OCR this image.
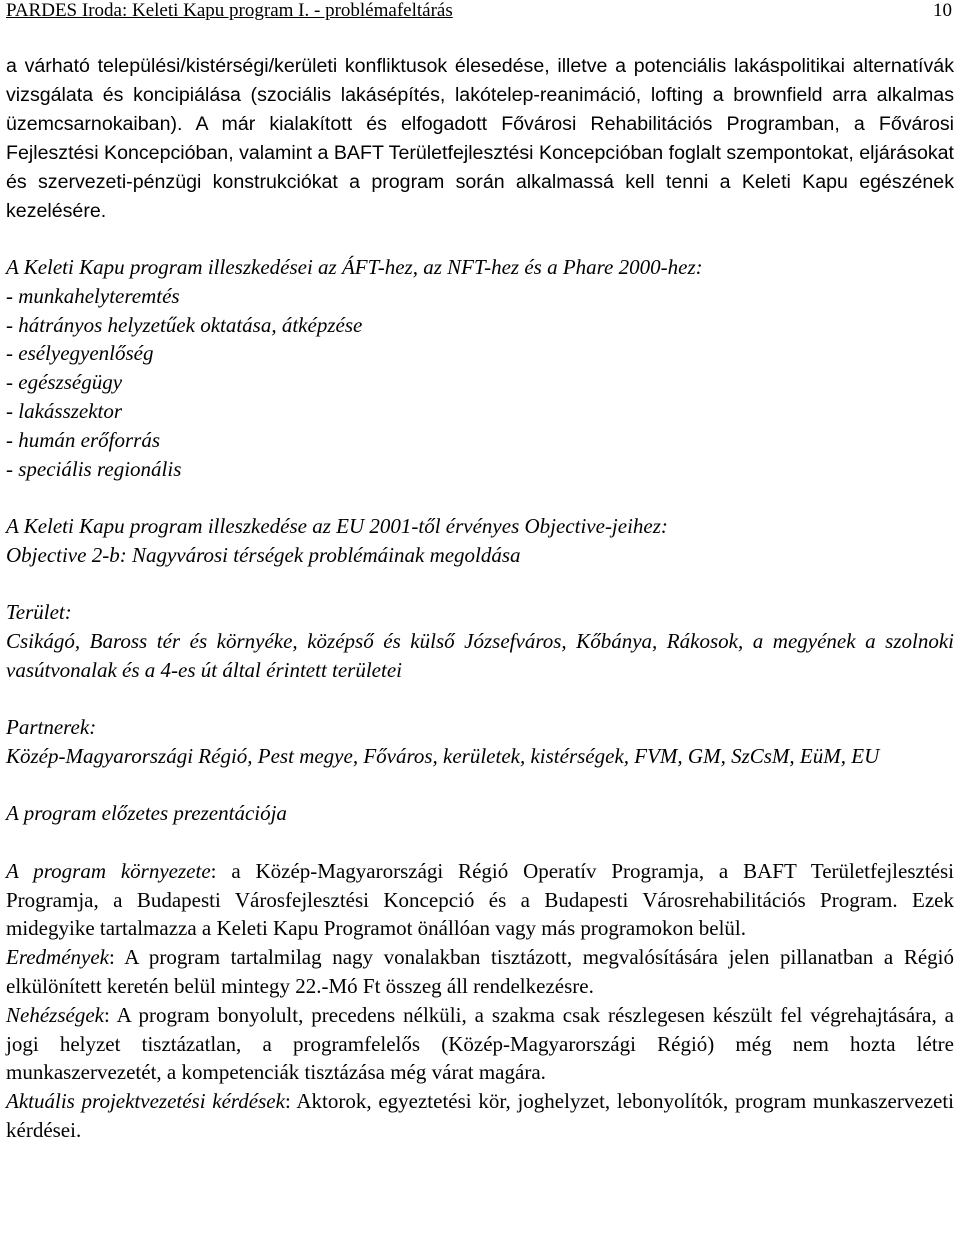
PARDES Iroda: Keleti Kapu program I. - problémafeltárás	10

a várható települési/kistérségi/kerületi konfliktusok élesedése, illetve a potenciális lakáspolitikai alternatívák vizsgálata és koncipiálása (szociális lakásépítés, lakótelep-reanimáció, lofting a brownfield arra alkalmas üzemcsarnokaiban). A már kialakított és elfogadott Fővárosi Rehabilitációs Programban, a Fővárosi Fejlesztési Koncepcióban, valamint a BAFT Területfejlesztési Koncepcióban foglalt szempontokat, eljárásokat és szervezeti-pénzügi konstrukciókat a program során alkalmassá kell tenni a Keleti Kapu egészének kezelésére.

A Keleti Kapu program illeszkedései az ÁFT-hez, az NFT-hez és a Phare 2000-hez:
- munkahelyteremtés
- hátrányos helyzetűek oktatása, átképzése
- esélyegyenlőség
- egészségügy
- lakásszektor
- humán erőforrás
- speciális regionális
A Keleti Kapu program illeszkedése az EU 2001-től érvényes Objective-jeihez:
Objective 2-b: Nagyvárosi térségek problémáinak megoldása
Terület:
Csikágó, Baross tér és környéke, középső és külső Józsefváros, Kőbánya, Rákosok, a megyének a szolnoki vasútvonalak és a 4-es út által érintett területei
Partnerek:
Közép-Magyarországi Régió, Pest megye, Főváros, kerületek, kistérségek, FVM, GM, SzCsM, EüM, EU
A program előzetes prezentációja

A program környezete: a Közép-Magyarországi Régió Operatív Programja, a BAFT Területfejlesztési Programja, a Budapesti Városfejlesztési Koncepció és a Budapesti Városrehabilitációs Program. Ezek midegyike tartalmazza a Keleti Kapu Programot önállóan vagy más programokon belül.

Eredmények: A program tartalmilag nagy vonalakban tisztázott, megvalósítására jelen pillanatban a Régió elkülönített keretén belül mintegy 22.-Mó Ft összeg áll rendelkezésre.

Nehézségek: A program bonyolult, precedens nélküli, a szakma csak részlegesen készült fel végrehajtására, a jogi helyzet tisztázatlan, a programfelelős (Közép-Magyarországi Régió) még nem hozta létre munkaszervezetét, a kompetenciák tisztázása még várat magára.

Aktuális projektvezetési kérdések: Aktorok, egyeztetési kör, joghelyzet, lebonyolítók, program munkaszervezeti kérdései.
